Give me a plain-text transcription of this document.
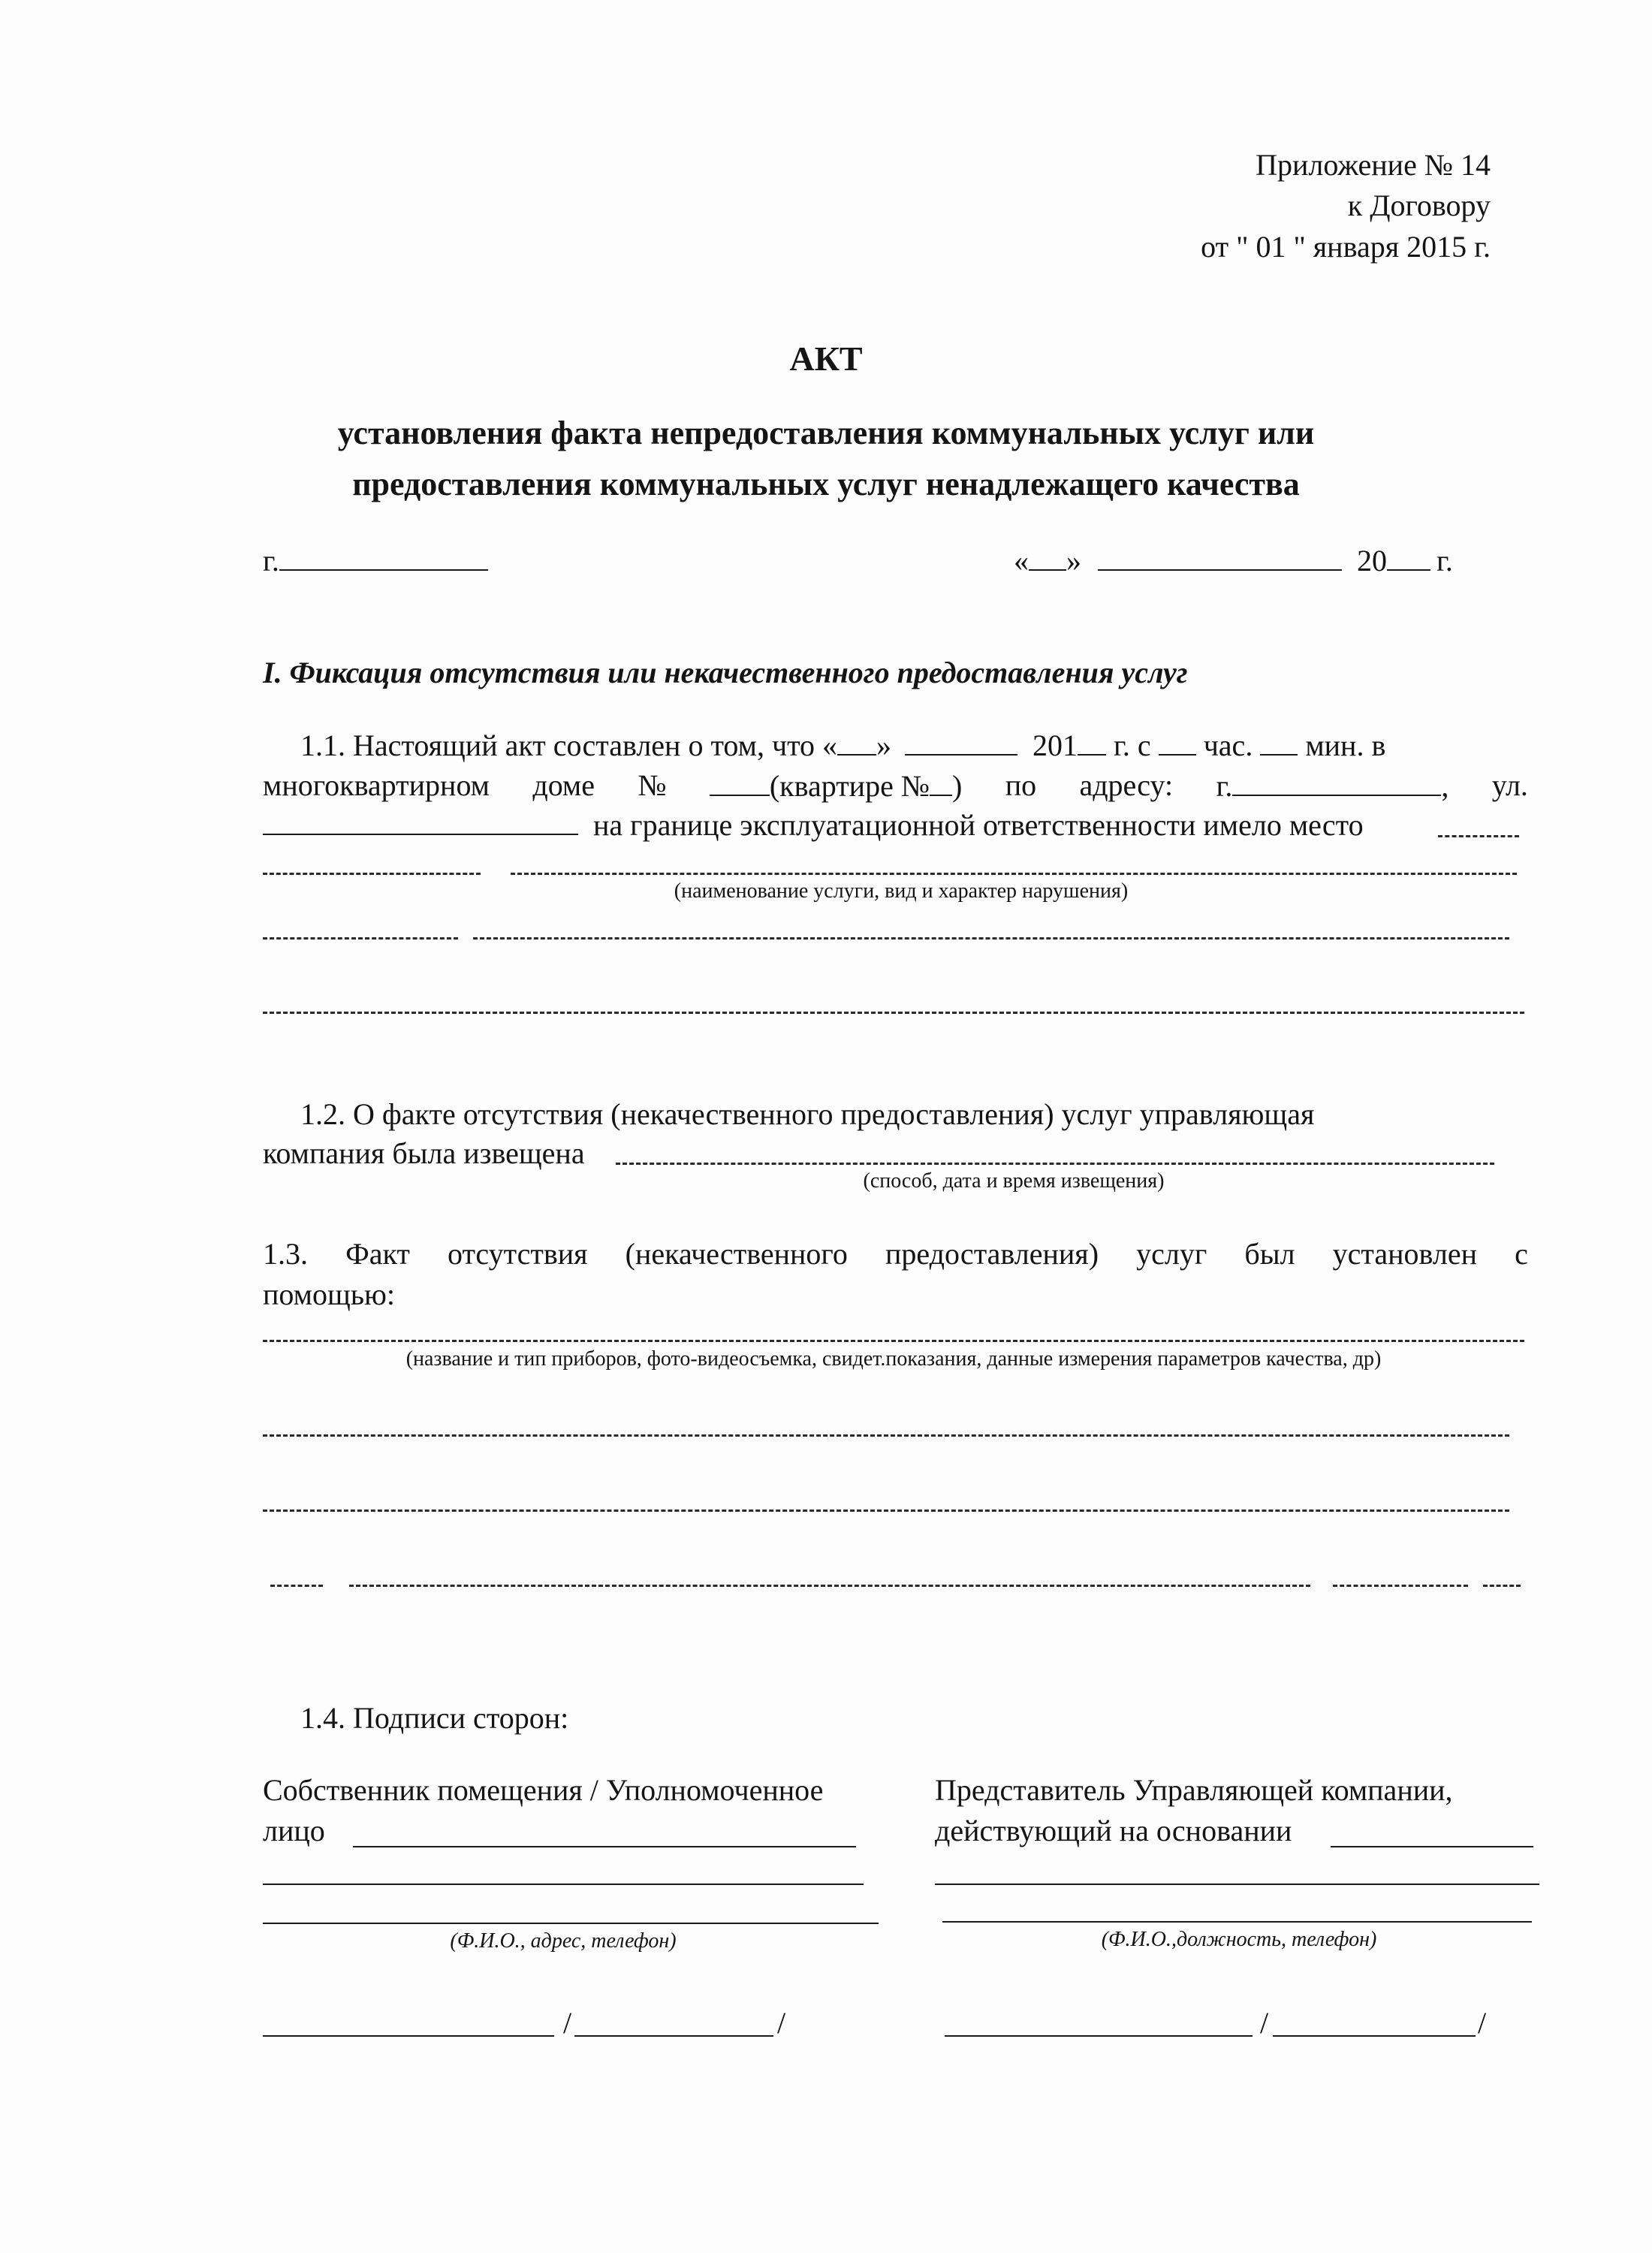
Приложение № 14
к Договору
от " 01 " января 2015 г.
АКТ
установления факта непредоставления коммунальных услуг или
предоставления коммунальных услуг ненадлежащего качества
г.	« »	20 г.
I. Фиксация отсутствия или некачественного предоставления услуг
1.1. Настоящий акт составлен о том, что « »	201 г. с час. мин. в
многоквартирном доме №	(квартире № ) по адресу: г.	, ул.
на границе эксплуатационной ответственности имело место
(наименование услуги, вид и характер нарушения)
1.2. О факте отсутствия (некачественного предоставления) услуг управляющая
компания была извещена
(способ, дата и время извещения)
1.3. Факт отсутствия (некачественного предоставления) услуг был установлен с
помощью:
(название и тип приборов, фото-видеосъемка, свидет.показания, данные измерения параметров качества, др)
1.4. Подписи сторон:
Собственник помещения / Уполномоченное
лицо
(Ф.И.О., адрес, телефон)
/	/
Представитель Управляющей компании,
действующий на основании
(Ф.И.О.,должность, телефон)
/	/
